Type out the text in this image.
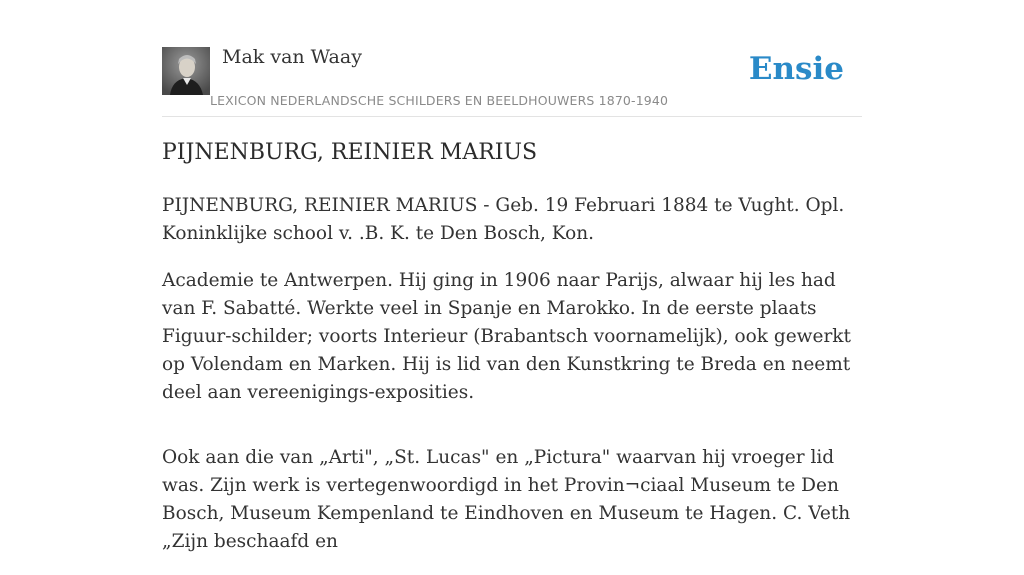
Mak van Waay
LEXICON NEDERLANDSCHE SCHILDERS EN BEELDHOUWERS 1870-1940
Ensie
PIJNENBURG, REINIER MARIUS

PIJNENBURG, REINIER MARIUS - Geb. 19 Februari 1884 te Vught. Opl. Koninklijke school v. .B. K. te Den Bosch, Kon.

Academie te Antwerpen. Hij ging in 1906 naar Parijs, alwaar hij les had van F. Sabatté. Werkte veel in Spanje en Marokko. In de eerste plaats Figuur-schilder; voorts Interieur (Brabantsch voornamelijk), ook gewerkt op Volendam en Marken. Hij is lid van den Kunstkring te Breda en neemt deel aan vereenigings-exposities.

Ook aan die van „Arti", „St. Lucas" en „Pictura" waarvan hij vroeger lid was. Zijn werk is vertegenwoordigd in het Provin¬ciaal Museum te Den Bosch, Museum Kempenland te Eindhoven en Museum te Hagen. C. Veth „Zijn beschaafd en
